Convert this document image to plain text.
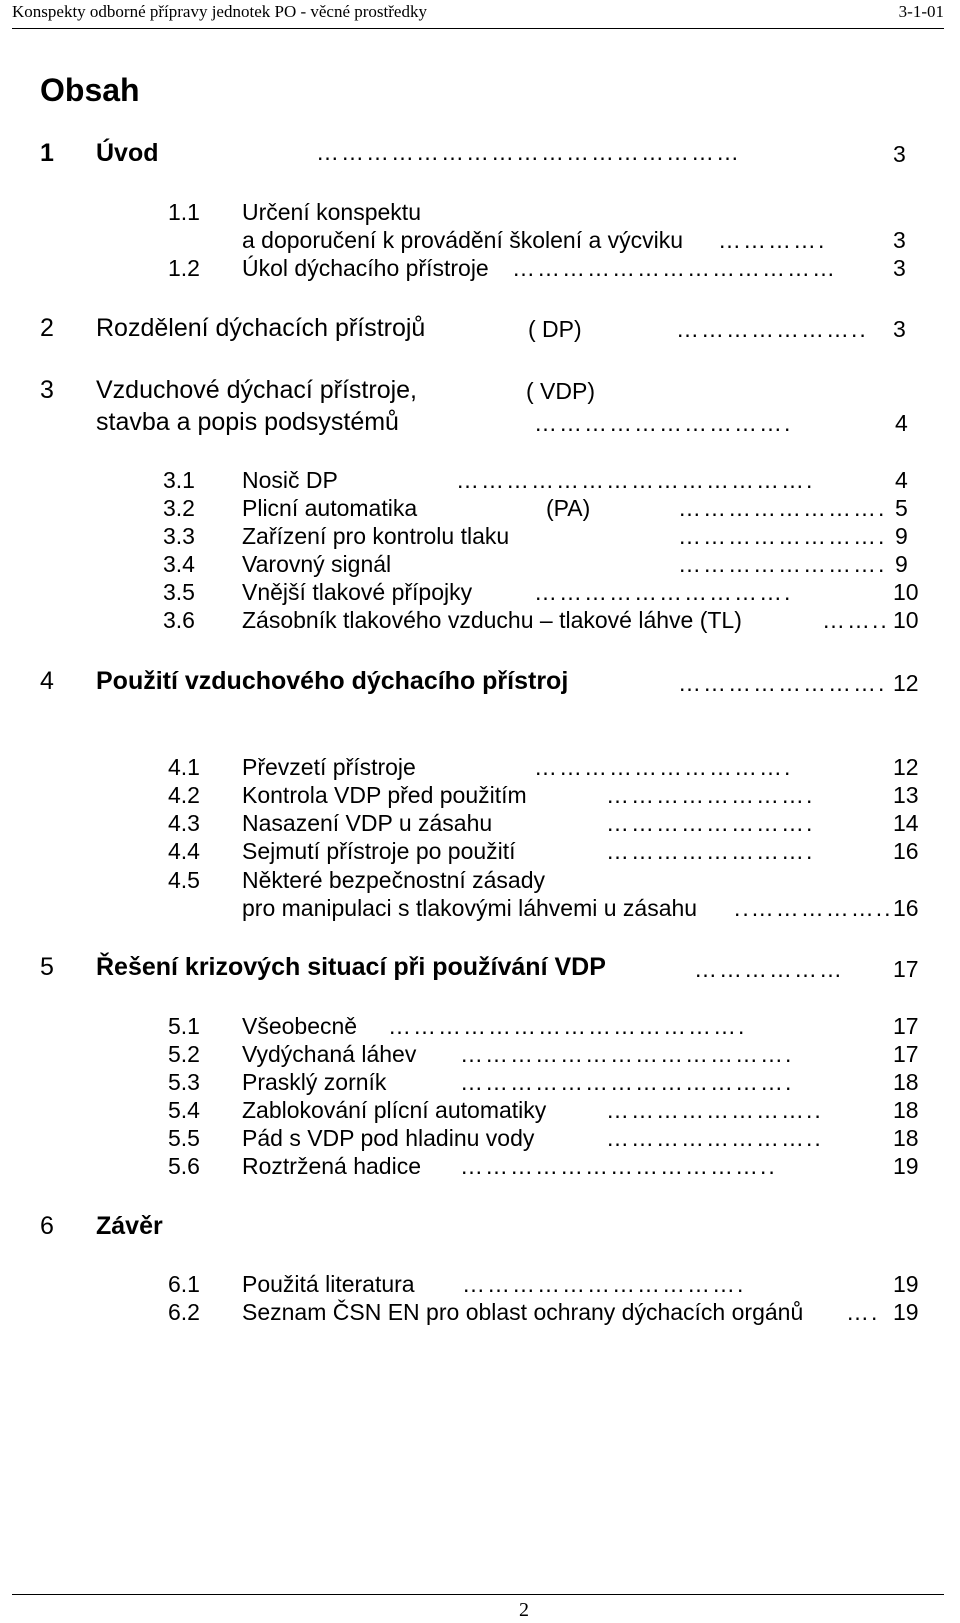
Konspekty odborné přípravy jednotek PO - věcné prostředky	3-1-01
Obsah
1 Úvod	……………………………………………	3
1.1 Určení konspektu
a doporučení k provádění školení a výcviku ………….	3
1.2 Úkol dýchacího přístroje ………………………………… 3
2 Rozdělení dýchacích přístrojů	( DP)	………………….. 3
3 Vzduchové dýchací přístroje,	( VDP)
stavba a popis podsystémů	………………………….	4
3.1 Nosič DP	…………………………………….	4
3.2 Plicní automatika	(PA)	……………………. 5
3.3 Zařízení pro kontrolu tlaku	……………………. 9
3.4 Varovný signál	……………………. 9
3.5 Vnější tlakové přípojky	………………………….	10
3.6 Zásobník tlakového vzduchu – tlakové láhve (TL)	…….. 10
4 Použití vzduchového dýchacího přístroj	……………………. 12
4.1 Převzetí přístroje	………………………….	12
4.2 Kontrola VDP před použitím	…………………….	13
4.3 Nasazení VDP u zásahu	…………………….	14
4.4 Sejmutí přístroje po použití	…………………….	16
4.5 Některé bezpečnostní zásady
pro manipulaci s tlakovými láhvemi u zásahu ..…………….. 16
5 Řešení krizových situací při používání VDP	……………… 17
5.1 Všeobecně …………………………………….	17
5.2 Vydýchaná láhev ………………………………….	17
5.3 Prasklý zorník	………………………………….	18
5.4 Zablokování plícní automatiky	……………………..	18
5.5 Pád s VDP pod hladinu vody	……………………..	18
5.6 Roztržená hadice ………………………………..	19
6 Závěr
6.1 Použitá literatura …………………………….	19
6.2 Seznam ČSN EN pro oblast ochrany dýchacích orgánů …. 19
2
